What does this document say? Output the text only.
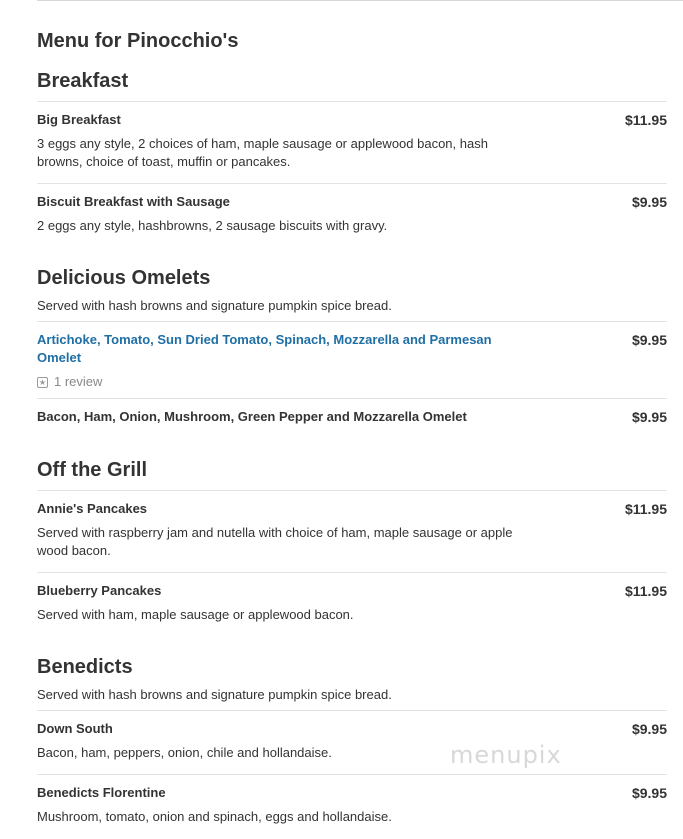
Menu for Pinocchio's
Breakfast
Big Breakfast
3 eggs any style, 2 choices of ham, maple sausage or applewood bacon, hash browns, choice of toast, muffin or pancakes.
$11.95
Biscuit Breakfast with Sausage
2 eggs any style, hashbrowns, 2 sausage biscuits with gravy.
$9.95
Delicious Omelets
Served with hash browns and signature pumpkin spice bread.
Artichoke, Tomato, Sun Dried Tomato, Spinach, Mozzarella and Parmesan Omelet
★ 1 review
$9.95
Bacon, Ham, Onion, Mushroom, Green Pepper and Mozzarella Omelet	$9.95
Off the Grill
Annie's Pancakes
Served with raspberry jam and nutella with choice of ham, maple sausage or apple wood bacon.
$11.95
Blueberry Pancakes
Served with ham, maple sausage or applewood bacon.
$11.95
Benedicts
Served with hash browns and signature pumpkin spice bread.
Down South
Bacon, ham, peppers, onion, chile and hollandaise.
$9.95
Benedicts Florentine
Mushroom, tomato, onion and spinach, eggs and hollandaise.
$9.95
menupix
